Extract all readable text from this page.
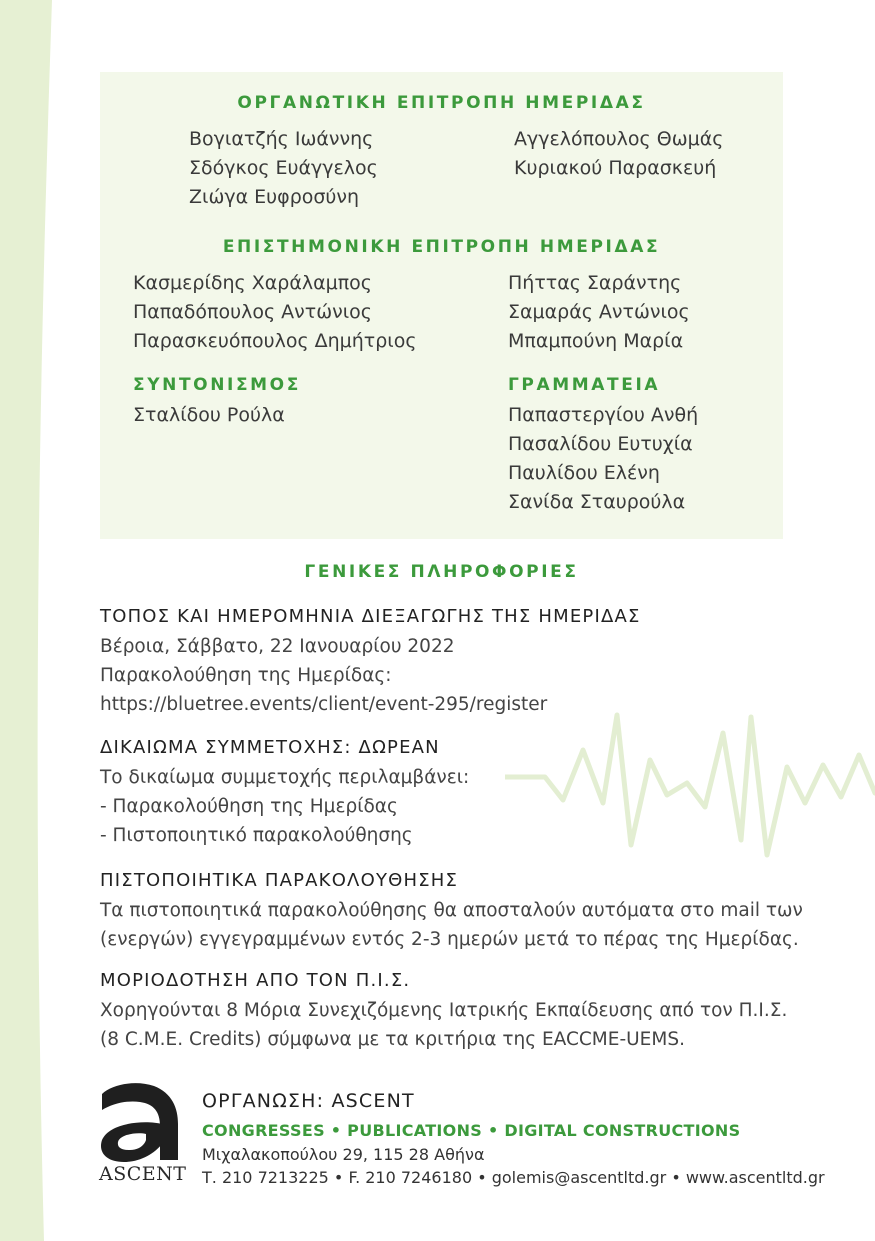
ΟΡΓΑΝΩΤΙΚΗ ΕΠΙΤΡΟΠΗ ΗΜΕΡΙΔΑΣ
Βογιατζής Ιωάννης
Σδόγκος Ευάγγελος
Ζιώγα Ευφροσύνη
Αγγελόπουλος Θωμάς
Κυριακού Παρασκευή
ΕΠΙΣΤΗΜΟΝΙΚΗ ΕΠΙΤΡΟΠΗ ΗΜΕΡΙΔΑΣ
Κασμερίδης Χαράλαμπος
Παπαδόπουλος Αντώνιος
Παρασκευόπουλος Δημήτριος
Πήττας Σαράντης
Σαμαράς Αντώνιος
Μπαμπούνη Μαρία
ΣΥΝΤΟΝΙΣΜΟΣ
Σταλίδου Ρούλα
ΓΡΑΜΜΑΤΕΙΑ
Παπαστεργίου Ανθή
Πασαλίδου Ευτυχία
Παυλίδου Ελένη
Σανίδα Σταυρούλα
ΓΕΝΙΚΕΣ ΠΛΗΡΟΦΟΡΙΕΣ
ΤΟΠΟΣ ΚΑΙ ΗΜΕΡΟΜΗΝΙΑ ΔΙΕΞΑΓΩΓΗΣ ΤΗΣ ΗΜΕΡΙΔΑΣ
Βέροια, Σάββατο, 22 Ιανουαρίου 2022
Παρακολούθηση της Ημερίδας:
https://bluetree.events/client/event-295/register
ΔΙΚΑΙΩΜΑ ΣΥΜΜΕΤΟΧΗΣ: ΔΩΡΕΑΝ
Το δικαίωμα συμμετοχής περιλαμβάνει:
- Παρακολούθηση της Ημερίδας
- Πιστοποιητικό παρακολούθησης
ΠΙΣΤΟΠΟΙΗΤΙΚΑ ΠΑΡΑΚΟΛΟΥΘΗΣΗΣ
Τα πιστοποιητικά παρακολούθησης θα αποσταλούν αυτόματα στο mail των
(ενεργών) εγγεγραμμένων εντός 2-3 ημερών μετά το πέρας της Ημερίδας.
ΜΟΡΙΟΔΟΤΗΣΗ ΑΠΟ ΤΟΝ Π.Ι.Σ.
Χορηγούνται 8 Μόρια Συνεχιζόμενης Ιατρικής Εκπαίδευσης από τον Π.Ι.Σ.
(8 C.M.E. Credits) σύμφωνα με τα κριτήρια της EACCME-UEMS.
ASCENT
ΟΡΓΑΝΩΣΗ: ASCENT
CONGRESSES • PUBLICATIONS • DIGITAL CONSTRUCTIONS
Μιχαλακοπούλου 29, 115 28 Αθήνα
Τ. 210 7213225 • F. 210 7246180 • golemis@ascentltd.gr • www.ascentltd.gr
